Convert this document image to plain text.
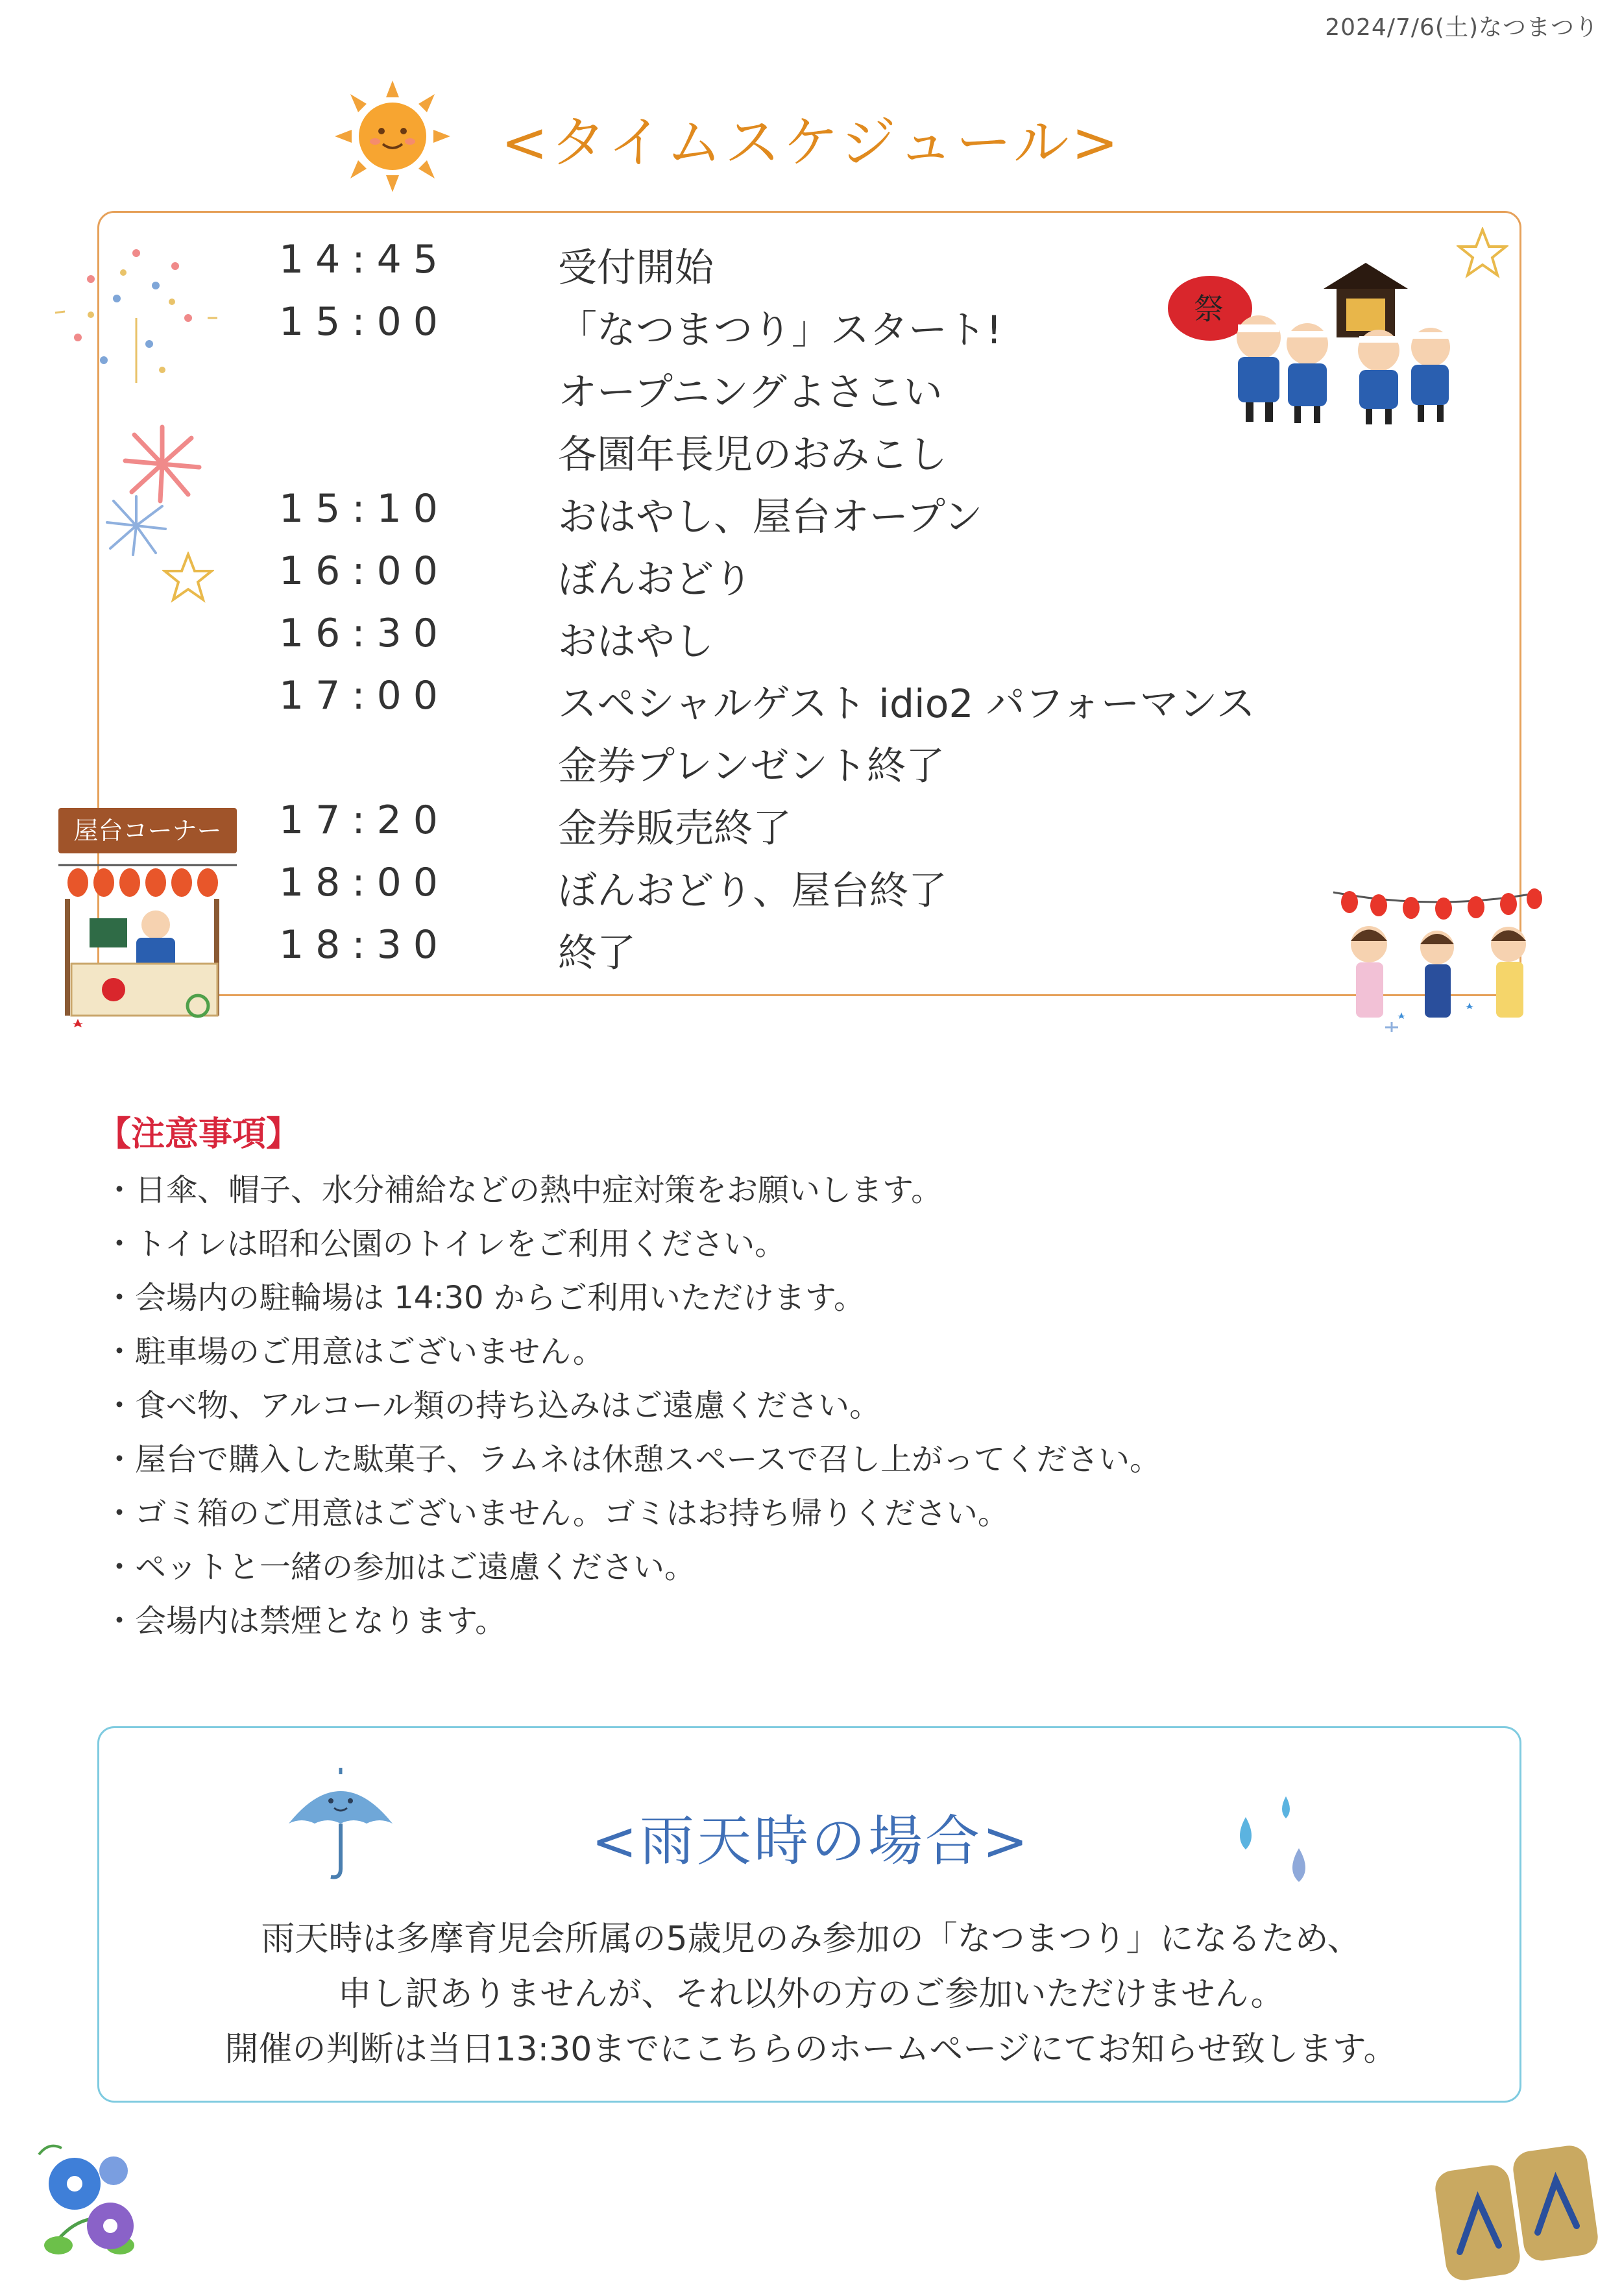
2024/7/6(土)なつまつり
<タイムスケジュール>
祭
14:45	受付開始
15:00	「なつまつり」スタート!
オープニングよさこい
各園年長児のおみこし
15:10	おはやし、屋台オープン
16:00	ぼんおどり
16:30	おはやし
17:00	スペシャルゲスト idio2 パフォーマンス
金券プレンゼント終了
17:20	金券販売終了
18:00	ぼんおどり、屋台終了
18:30	終了
屋台コーナー
【注意事項】
・日傘、帽子、水分補給などの熱中症対策をお願いします。
・トイレは昭和公園のトイレをご利用ください。
・会場内の駐輪場は 14:30 からご利用いただけます。
・駐車場のご用意はございません。
・食べ物、アルコール類の持ち込みはご遠慮ください。
・屋台で購入した駄菓子、ラムネは休憩スペースで召し上がってください。
・ゴミ箱のご用意はございません。ゴミはお持ち帰りください。
・ペットと一緒の参加はご遠慮ください。
・会場内は禁煙となります。
<雨天時の場合>
雨天時は多摩育児会所属の5歳児のみ参加の「なつまつり」になるため、
申し訳ありませんが、それ以外の方のご参加いただけません。
開催の判断は当日13:30までにこちらのホームページにてお知らせ致します。
